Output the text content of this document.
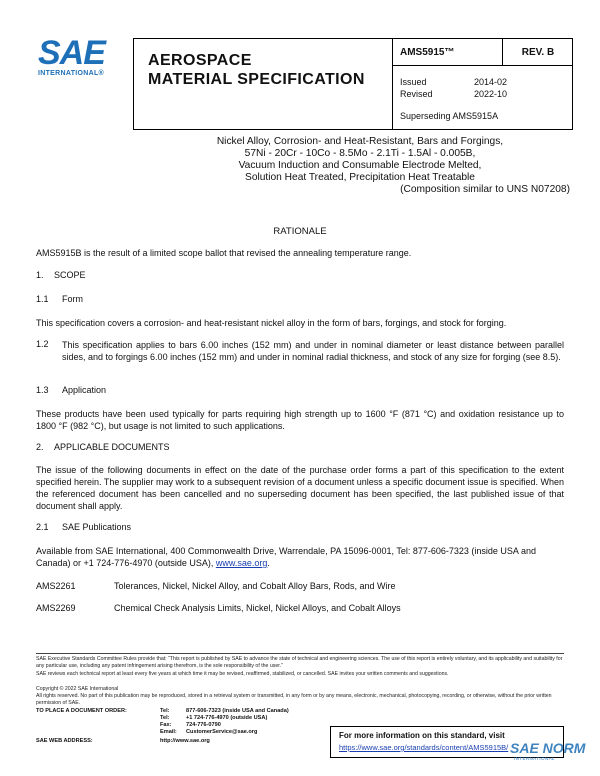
SAE
INTERNATIONAL®
AEROSPACE
MATERIAL SPECIFICATION
AMS5915™	REV. B
Issued	2014-02
Revised	2022-10
Superseding AMS5915A
Nickel Alloy, Corrosion- and Heat-Resistant, Bars and Forgings,
57Ni - 20Cr - 10Co - 8.5Mo - 2.1Ti - 1.5Al - 0.005B,
Vacuum Induction and Consumable Electrode Melted,
Solution Heat Treated, Precipitation Heat Treatable
(Composition similar to UNS N07208)
RATIONALE
AMS5915B is the result of a limited scope ballot that revised the annealing temperature range.
1. SCOPE
1.1 Form
This specification covers a corrosion- and heat-resistant nickel alloy in the form of bars, forgings, and stock for forging.
1.2 This specification applies to bars 6.00 inches (152 mm) and under in nominal diameter or least distance between parallel sides, and to forgings 6.00 inches (152 mm) and under in nominal radial thickness, and stock of any size for forging (see 8.5).
1.3 Application
These products have been used typically for parts requiring high strength up to 1600 °F (871 °C) and oxidation resistance up to 1800 °F (982 °C), but usage is not limited to such applications.
2. APPLICABLE DOCUMENTS
The issue of the following documents in effect on the date of the purchase order forms a part of this specification to the extent specified herein. The supplier may work to a subsequent revision of a document unless a specific document issue is specified. When the referenced document has been cancelled and no superseding document has been specified, the last published issue of that document shall apply.
2.1 SAE Publications
Available from SAE International, 400 Commonwealth Drive, Warrendale, PA 15096-0001, Tel: 877-606-7323 (inside USA and Canada) or +1 724-776-4970 (outside USA), www.sae.org.
AMS2261	Tolerances, Nickel, Nickel Alloy, and Cobalt Alloy Bars, Rods, and Wire
AMS2269	Chemical Check Analysis Limits, Nickel, Nickel Alloys, and Cobalt Alloys
SAE Executive Standards Committee Rules provide that: “This report is published by SAE to advance the state of technical and engineering sciences. The use of this report is entirely voluntary, and its applicability and suitability for any particular use, including any patent infringement arising therefrom, is the sole responsibility of the user.”
SAE reviews each technical report at least every five years at which time it may be revised, reaffirmed, stabilized, or cancelled. SAE invites your written comments and suggestions.
Copyright © 2022 SAE International
All rights reserved. No part of this publication may be reproduced, stored in a retrieval system or transmitted, in any form or by any means, electronic, mechanical, photocopying, recording, or otherwise, without the prior written permission of SAE.
TO PLACE A DOCUMENT ORDER:
SAE WEB ADDRESS:
Tel:	877-606-7323 (inside USA and Canada)
Tel:	+1 724-776-4970 (outside USA)
Fax:	724-776-0790
Email: CustomerService@sae.org
http://www.sae.org
For more information on this standard, visit
https://www.sae.org/standards/content/AMS5915B/ SAE NORM
INTERNATIONAL
